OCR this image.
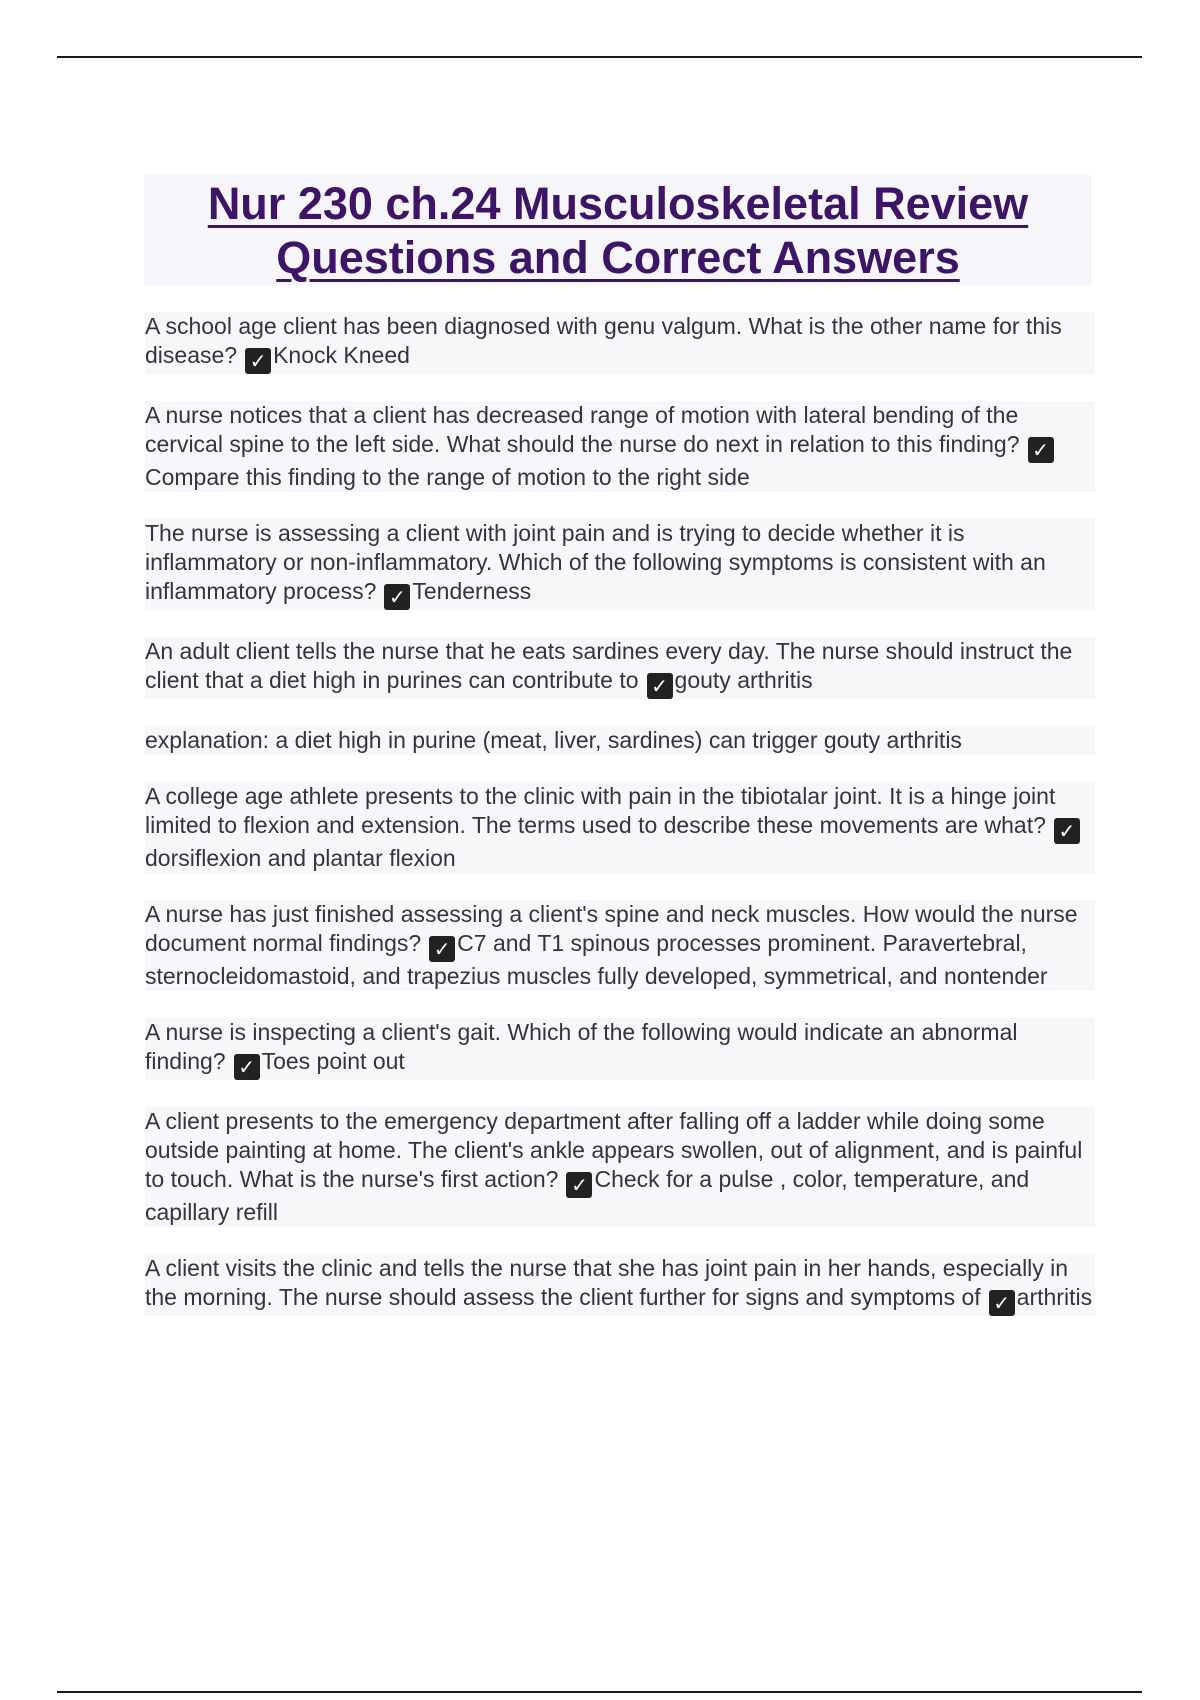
Nur 230 ch.24 Musculoskeletal Review Questions and Correct Answers

A school age client has been diagnosed with genu valgum. What is the other name for this disease? ✓ Knock Kneed

A nurse notices that a client has decreased range of motion with lateral bending of the cervical spine to the left side. What should the nurse do next in relation to this finding? ✓Compare this finding to the range of motion to the right side

The nurse is assessing a client with joint pain and is trying to decide whether it is inflammatory or non-inflammatory. Which of the following symptoms is consistent with an inflammatory process? ✓ Tenderness

An adult client tells the nurse that he eats sardines every day. The nurse should instruct the client that a diet high in purines can contribute to ✓ gouty arthritis

explanation: a diet high in purine (meat, liver, sardines) can trigger gouty arthritis

A college age athlete presents to the clinic with pain in the tibiotalar joint. It is a hinge joint limited to flexion and extension. The terms used to describe these movements are what? ✓dorsiflexion and plantar flexion

A nurse has just finished assessing a client's spine and neck muscles. How would the nurse document normal findings? ✓ C7 and T1 spinous processes prominent. Paravertebral, sternocleidomastoid, and trapezius muscles fully developed, symmetrical, and nontender

A nurse is inspecting a client's gait. Which of the following would indicate an abnormal finding? ✓ Toes point out

A client presents to the emergency department after falling off a ladder while doing some outside painting at home. The client's ankle appears swollen, out of alignment, and is painful to touch. What is the nurse's first action? ✓ Check for a pulse , color, temperature, and capillary refill

A client visits the clinic and tells the nurse that she has joint pain in her hands, especially in the morning. The nurse should assess the client further for signs and symptoms of ✓ arthritis
